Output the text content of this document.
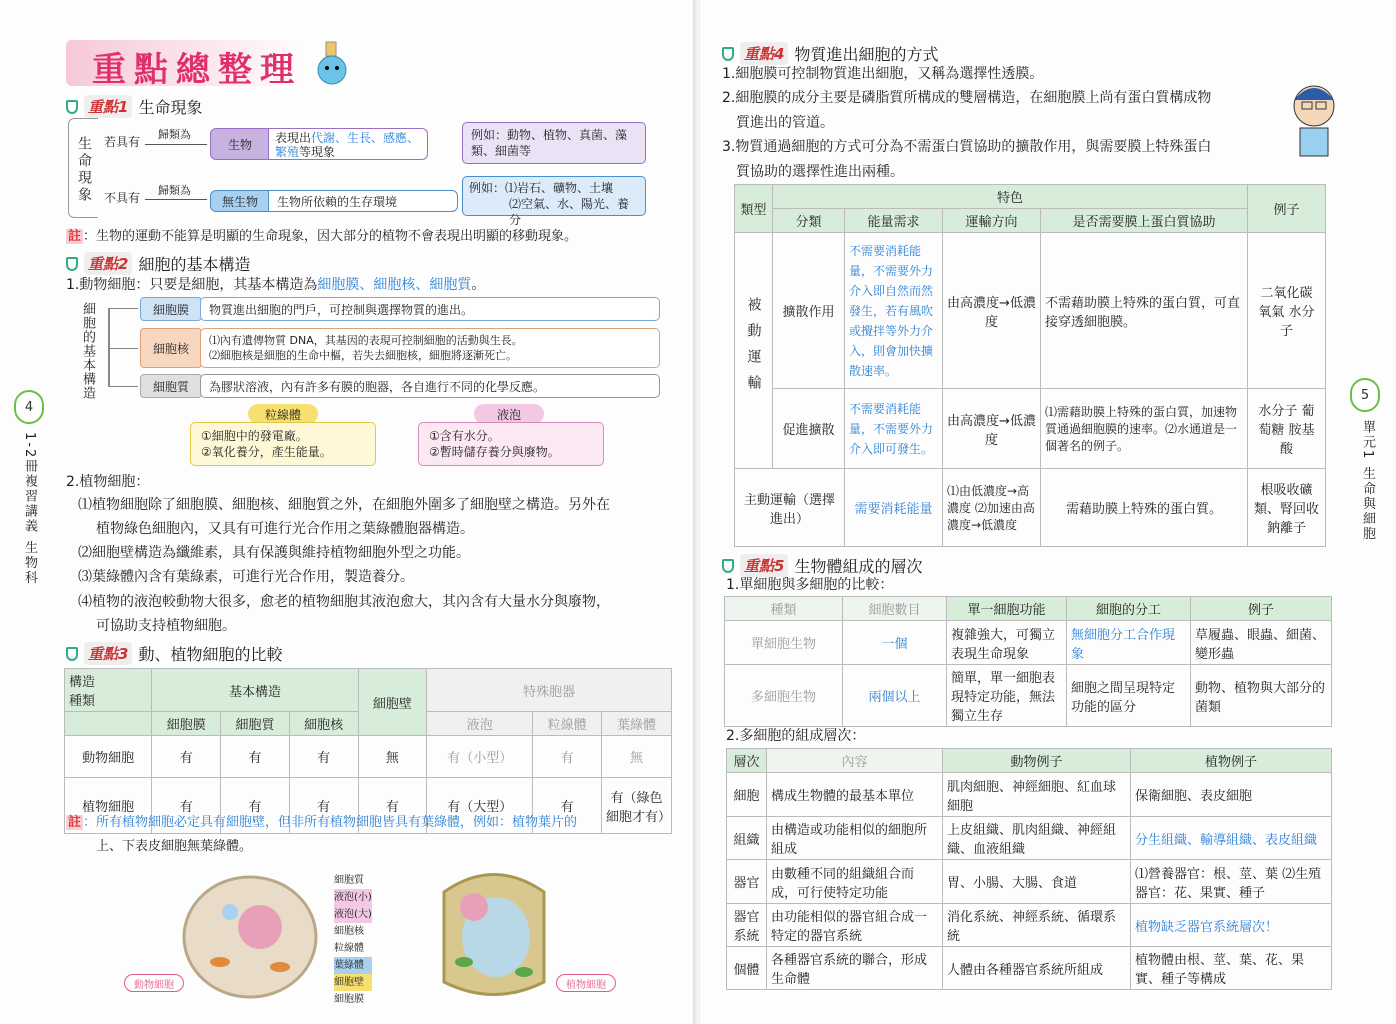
重點總整理
重點1 生命現象
生命現象 若具有
不具有
歸類為
歸類為
生物	表現出代謝、生長、感應、繁殖等現象
例如：動物、植物、真菌、藻類、細菌等
無生物	生物所依賴的生存環境
例如：⑴岩石、礦物、土壤
⑵空氣、水、陽光、養分
註 ：生物的運動不能算是明顯的生命現象，因大部分的植物不會表現出明顯的移動現象。
重點2 細胞的基本構造
1.動物細胞：只要是細胞，其基本構造為細胞膜、細胞核、細胞質。
細胞的基本構造	細胞膜	物質進出細胞的門戶，可控制與選擇物質的進出。
細胞核
⑴內有遺傳物質 DNA，其基因的表現可控制細胞的活動與生長。
⑵細胞核是細胞的生命中樞，若失去細胞核，細胞將逐漸死亡。
細胞質	為膠狀溶液，內有許多有膜的胞器，各自進行不同的化學反應。
粒線體
①細胞中的發電廠。
②氧化養分，產生能量。
液泡
①含有水分。
②暫時儲存養分與廢物。
2.植物細胞：
⑴植物細胞除了細胞膜、細胞核、細胞質之外，在細胞外圍多了細胞壁之構造。另外在
植物綠色細胞內，又具有可進行光合作用之葉綠體胞器構造。
⑵細胞壁構造為纖維素，具有保護與維持植物細胞外型之功能。
⑶葉綠體內含有葉綠素，可進行光合作用，製造養分。
⑷植物的液泡較動物大很多，愈老的植物細胞其液泡愈大，其內含有大量水分與廢物，
可協助支持植物細胞。
重點3 動、植物細胞的比較
構造
種類	基本構造			細胞壁	特殊胞器		
	細胞膜	細胞質	細胞核		液泡	粒線體	葉綠體
動物細胞	有	有	有	無	有（小型）	有	無
植物細胞	有	有	有	有	有（大型）	有	有（綠色細胞才有）
註 ：所有植物細胞必定具有細胞壁，但非所有植物細胞皆具有葉綠體，例如：植物葉片的
上、下表皮細胞無葉綠體。
細胞質
液泡(小)
液泡(大)
細胞核
粒線體
葉綠體
細胞壁
細胞膜
動物細胞	植物細胞
4
1-2冊複習講義 生物科
重點4 物質進出細胞的方式
1.細胞膜可控制物質進出細胞，又稱為選擇性透膜。
2.細胞膜的成分主要是磷脂質所構成的雙層構造，在細胞膜上尚有蛋白質構成物
質進出的管道。
3.物質通過細胞的方式可分為不需蛋白質協助的擴散作用，與需要膜上特殊蛋白
質協助的選擇性進出兩種。
類型	特色				例子
	分類	能量需求	運輸方向	是否需要膜上蛋白質協助	
被動運輸	擴散作用	不需要消耗能量，不需要外力介入即自然而然發生，若有風吹或攪拌等外力介入，則會加快擴散速率。	由高濃度→低濃度	不需藉助膜上特殊的蛋白質，可直接穿透細胞膜。	二氧化碳 氧氣 水分子
	促進擴散	不需要消耗能量，不需要外力介入即可發生。	由高濃度→低濃度	⑴需藉助膜上特殊的蛋白質，加速物質通過細胞膜的速率。⑵水通道是一個著名的例子。	水分子 葡萄糖 胺基酸
主動運輸（選擇進出）		需要消耗能量	⑴由低濃度→高濃度 ⑵加速由高濃度→低濃度	需藉助膜上特殊的蛋白質。	根吸收礦類、腎回收鈉離子
重點5 生物體組成的層次
1.單細胞與多細胞的比較：
種類	細胞數目	單一細胞功能	細胞的分工	例子
單細胞生物	一個	複雜強大，可獨立表現生命現象	無細胞分工合作現象	草履蟲、眼蟲、細菌、變形蟲
多細胞生物	兩個以上	簡單，單一細胞表現特定功能，無法獨立生存	細胞之間呈現特定功能的區分	動物、植物與大部分的菌類
2.多細胞的組成層次：
層次	內容	動物例子	植物例子
細胞	構成生物體的最基本單位	肌肉細胞、神經細胞、紅血球細胞	保衛細胞、表皮細胞
組織	由構造或功能相似的細胞所組成	上皮組織、肌肉組織、神經組織、血液組織	分生組織、輸導組織、表皮組織
器官	由數種不同的組織組合而成，可行使特定功能	胃、小腸、大腸、食道	⑴營養器官：根、莖、葉 ⑵生殖器官：花、果實、種子
器官系統	由功能相似的器官組合成一特定的器官系統	消化系統、神經系統、循環系統	植物缺乏器官系統層次！
個體	各種器官系統的聯合，形成生命體	人體由各種器官系統所組成	植物體由根、莖、葉、花、果實、種子等構成
5
單元1 生命與細胞
